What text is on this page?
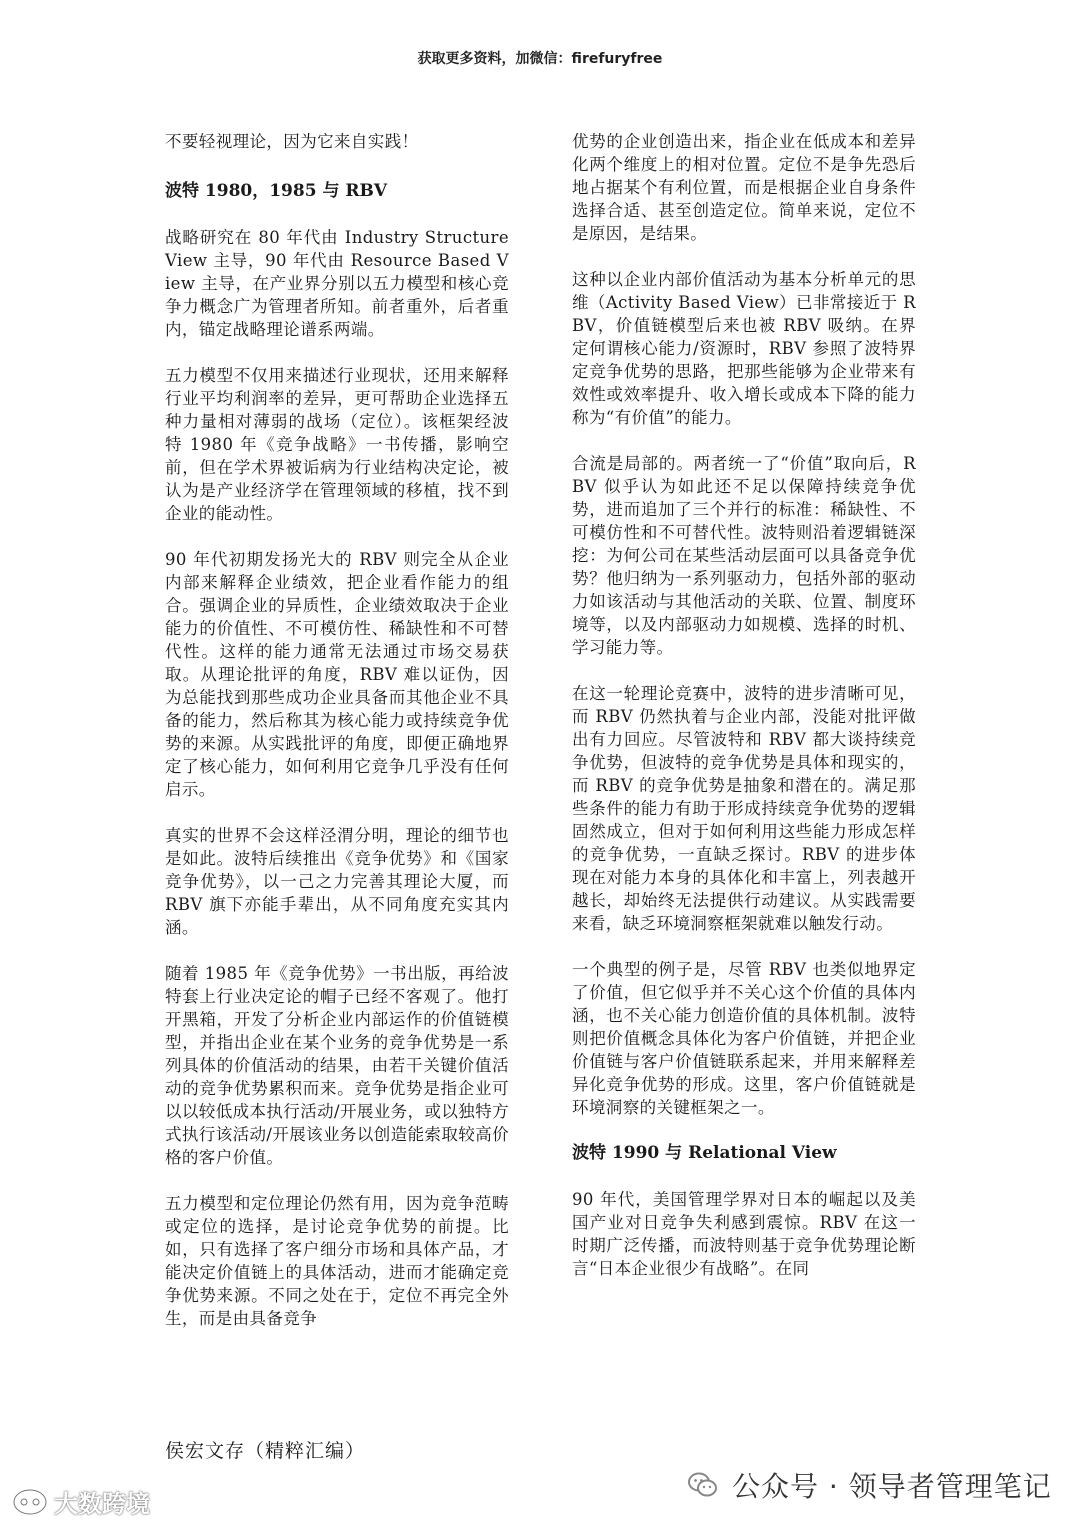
获取更多资料，加微信：firefuryfree

不要轻视理论，因为它来自实践！

波特 1980，1985 与 RBV

战略研究在 80 年代由 Industry Structure View 主导，90 年代由 Resource Based View 主导，在产业界分别以五力模型和核心竞争力概念广为管理者所知。前者重外，后者重内，锚定战略理论谱系两端。

五力模型不仅用来描述行业现状，还用来解释行业平均利润率的差异，更可帮助企业选择五种力量相对薄弱的战场（定位）。该框架经波特 1980 年《竞争战略》一书传播，影响空前，但在学术界被诟病为行业结构决定论，被认为是产业经济学在管理领域的移植，找不到企业的能动性。

90 年代初期发扬光大的 RBV 则完全从企业内部来解释企业绩效，把企业看作能力的组合。强调企业的异质性，企业绩效取决于企业能力的价值性、不可模仿性、稀缺性和不可替代性。这样的能力通常无法通过市场交易获取。从理论批评的角度，RBV 难以证伪，因为总能找到那些成功企业具备而其他企业不具备的能力，然后称其为核心能力或持续竞争优势的来源。从实践批评的角度，即便正确地界定了核心能力，如何利用它竞争几乎没有任何启示。

真实的世界不会这样泾渭分明，理论的细节也是如此。波特后续推出《竞争优势》和《国家竞争优势》，以一己之力完善其理论大厦，而 RBV 旗下亦能手辈出，从不同角度充实其内涵。

随着 1985 年《竞争优势》一书出版，再给波特套上行业决定论的帽子已经不客观了。他打开黑箱，开发了分析企业内部运作的价值链模型，并指出企业在某个业务的竞争优势是一系列具体的价值活动的结果，由若干关键价值活动的竞争优势累积而来。竞争优势是指企业可以以较低成本执行活动/开展业务，或以独特方式执行该活动/开展该业务以创造能索取较高价格的客户价值。

五力模型和定位理论仍然有用，因为竞争范畴或定位的选择，是讨论竞争优势的前提。比如，只有选择了客户细分市场和具体产品，才能决定价值链上的具体活动，进而才能确定竞争优势来源。不同之处在于，定位不再完全外生，而是由具备竞争

优势的企业创造出来，指企业在低成本和差异化两个维度上的相对位置。定位不是争先恐后地占据某个有利位置，而是根据企业自身条件选择合适、甚至创造定位。简单来说，定位不是原因，是结果。

这种以企业内部价值活动为基本分析单元的思维（Activity Based View）已非常接近于 RBV，价值链模型后来也被 RBV 吸纳。在界定何谓核心能力/资源时，RBV 参照了波特界定竞争优势的思路，把那些能够为企业带来有效性或效率提升、收入增长或成本下降的能力称为“有价值”的能力。

合流是局部的。两者统一了“价值”取向后，RBV 似乎认为如此还不足以保障持续竞争优势，进而追加了三个并行的标准：稀缺性、不可模仿性和不可替代性。波特则沿着逻辑链深挖：为何公司在某些活动层面可以具备竞争优势？他归纳为一系列驱动力，包括外部的驱动力如该活动与其他活动的关联、位置、制度环境等，以及内部驱动力如规模、选择的时机、学习能力等。

在这一轮理论竞赛中，波特的进步清晰可见，而 RBV 仍然执着与企业内部，没能对批评做出有力回应。尽管波特和 RBV 都大谈持续竞争优势，但波特的竞争优势是具体和现实的，而 RBV 的竞争优势是抽象和潜在的。满足那些条件的能力有助于形成持续竞争优势的逻辑固然成立，但对于如何利用这些能力形成怎样的竞争优势，一直缺乏探讨。RBV 的进步体现在对能力本身的具体化和丰富上，列表越开越长，却始终无法提供行动建议。从实践需要来看，缺乏环境洞察框架就难以触发行动。

一个典型的例子是，尽管 RBV 也类似地界定了价值，但它似乎并不关心这个价值的具体内涵，也不关心能力创造价值的具体机制。波特则把价值概念具体化为客户价值链，并把企业价值链与客户价值链联系起来，并用来解释差异化竞争优势的形成。这里，客户价值链就是环境洞察的关键框架之一。

波特 1990 与 Relational View

90 年代，美国管理学界对日本的崛起以及美国产业对日竞争失利感到震惊。RBV 在这一时期广泛传播，而波特则基于竞争优势理论断言“日本企业很少有战略”。在同

侯宏文存（精粹汇编）
公众号 · 领导者管理笔记
大数跨境
